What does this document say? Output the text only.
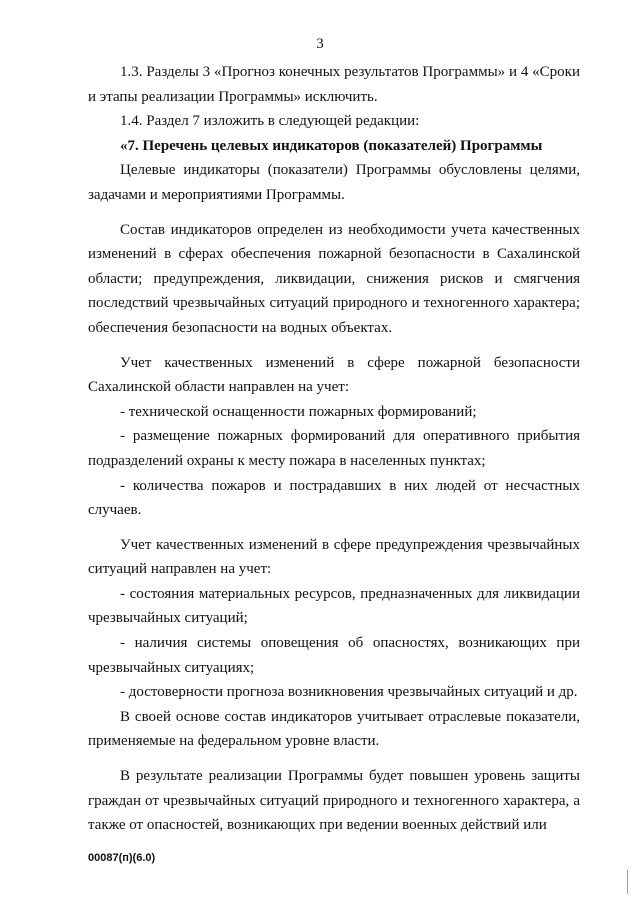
3

1.3. Разделы 3 «Прогноз конечных результатов Программы» и 4 «Сроки и этапы реализации Программы» исключить.

1.4. Раздел 7 изложить в следующей редакции:

«7. Перечень целевых индикаторов (показателей) Программы

Целевые индикаторы (показатели) Программы обусловлены целями, задачами и мероприятиями Программы.

Состав индикаторов определен из необходимости учета качественных изменений в сферах обеспечения пожарной безопасности в Сахалинской области; предупреждения, ликвидации, снижения рисков и смягчения последствий чрезвычайных ситуаций природного и техногенного характера; обеспечения безопасности на водных объектах.

Учет качественных изменений в сфере пожарной безопасности Сахалинской области направлен на учет:

- технической оснащенности пожарных формирований;

- размещение пожарных формирований для оперативного прибытия подразделений охраны к месту пожара в населенных пунктах;

- количества пожаров и пострадавших в них людей от несчастных случаев.

Учет качественных изменений в сфере предупреждения чрезвычайных ситуаций направлен на учет:

- состояния материальных ресурсов, предназначенных для ликвидации чрезвычайных ситуаций;

- наличия системы оповещения об опасностях, возникающих при чрезвычайных ситуациях;

- достоверности прогноза возникновения чрезвычайных ситуаций и др.

В своей основе состав индикаторов учитывает отраслевые показатели, применяемые на федеральном уровне власти.

В результате реализации Программы будет повышен уровень защиты граждан от чрезвычайных ситуаций природного и техногенного характера, а также от опасностей, возникающих при ведении военных действий или

00087(п)(6.0)
